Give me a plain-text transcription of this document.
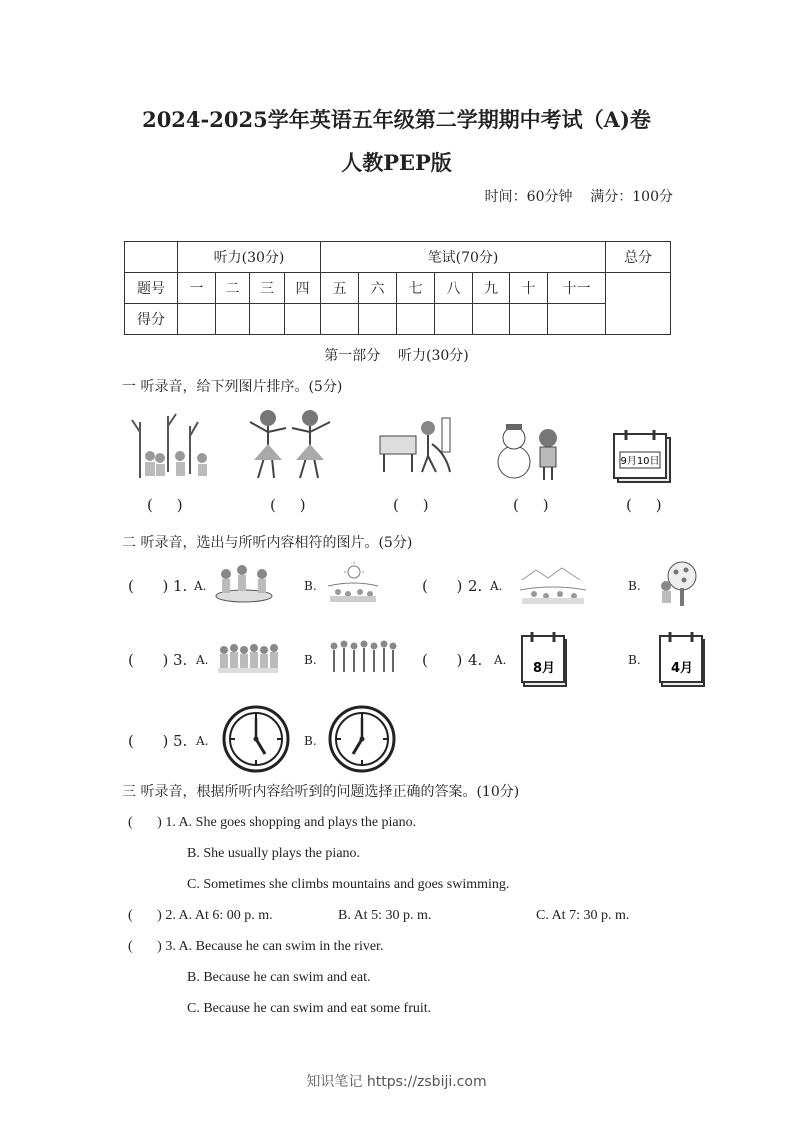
2024-2025学年英语五年级第二学期期中考试（A)卷
人教PEP版
时间：60分钟    满分：100分
	听力(30分)				笔试(70分)							总分
题号	一	二	三	四	五	六	七	八	九	十	十一	
得分												
第一部分    听力(30分)
一 听录音，给下列图片排序。(5分)
9月10日
(     )	(     )	(     )	(     )	(     )
二 听录音，选出与所听内容相符的图片。(5分)
(      ) 1. A.	B.	(      ) 2. A.	B.
(      ) 3. A.	B.	(      ) 4. A.
8月
B.
4月
(      ) 5. A.	B.
三 听录音，根据所听内容给听到的问题选择正确的答案。(10分)
(       ) 1. A. She goes shopping and plays the piano.
B. She usually plays the piano.
C. Sometimes she climbs mountains and goes swimming.
(       ) 2. A. At 6: 00 p. m.	B. At 5: 30 p. m.	C. At 7: 30 p. m.
(       ) 3. A. Because he can swim in the river.
B. Because he can swim and eat.
C. Because he can swim and eat some fruit.
知识笔记 https://zsbiji.com
